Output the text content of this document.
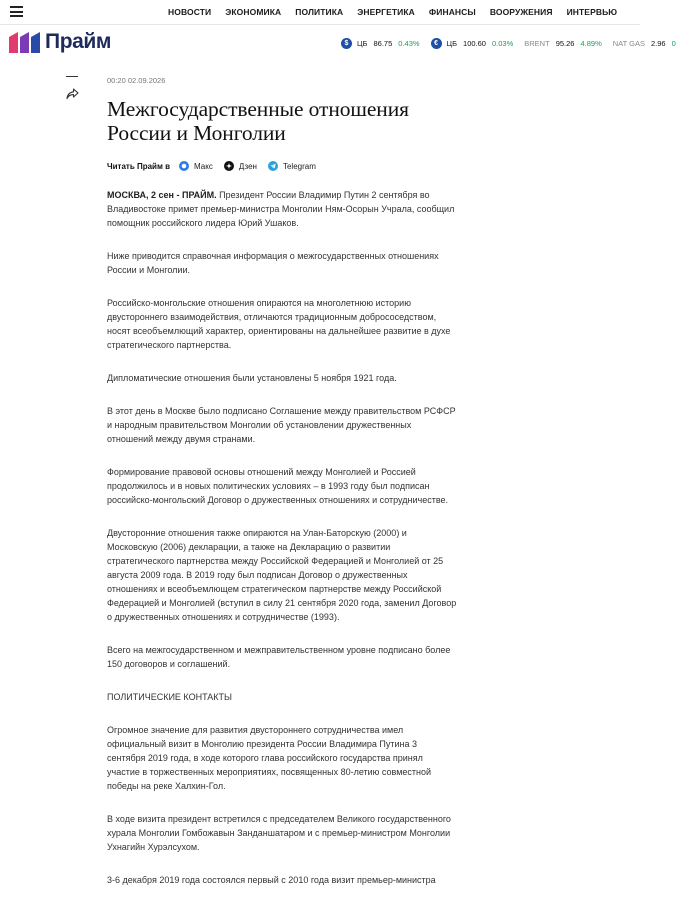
НОВОСТИ ЭКОНОМИКА ПОЛИТИКА ЭНЕРГЕТИКА ФИНАНСЫ ВООРУЖЕНИЯ ИНТЕРВЬЮ
Прайм	$	ЦБ 86.75 0.43%	€	ЦБ 100.60 0.03% BRENT 95.26 4.89% NAT GAS 2.96 0
00:20 02.09.2026
Межгосударственные отношения России и Монголии
Читать Прайм в	Макс	Дзен	Telegram

МОСКВА, 2 сен - ПРАЙМ. Президент России Владимир Путин 2 сентября во Владивостоке примет премьер-министра Монголии Ням-Осорын Учрала, сообщил помощник российского лидера Юрий Ушаков.

Ниже приводится справочная информация о межгосударственных отношениях России и Монголии.

Российско-монгольские отношения опираются на многолетнюю историю двустороннего взаимодействия, отличаются традиционным добрососедством, носят всеобъемлющий характер, ориентированы на дальнейшее развитие в духе стратегического партнерства.

Дипломатические отношения были установлены 5 ноября 1921 года.

В этот день в Москве было подписано Соглашение между правительством РСФСР и народным правительством Монголии об установлении дружественных отношений между двумя странами.

Формирование правовой основы отношений между Монголией и Россией продолжилось и в новых политических условиях – в 1993 году был подписан российско-монгольский Договор о дружественных отношениях и сотрудничестве.

Двусторонние отношения также опираются на Улан-Баторскую (2000) и Московскую (2006) декларации, а также на Декларацию о развитии стратегического партнерства между Российской Федерацией и Монголией от 25 августа 2009 года. В 2019 году был подписан Договор о дружественных отношениях и всеобъемлющем стратегическом партнерстве между Российской Федерацией и Монголией (вступил в силу 21 сентября 2020 года, заменил Договор о дружественных отношениях и сотрудничестве (1993).

Всего на межгосударственном и межправительственном уровне подписано более 150 договоров и соглашений.

ПОЛИТИЧЕСКИЕ КОНТАКТЫ

Огромное значение для развития двустороннего сотрудничества имел официальный визит в Монголию президента России Владимира Путина 3 сентября 2019 года, в ходе которого глава российского государства принял участие в торжественных мероприятиях, посвященных 80-летию совместной победы на реке Халхин-Гол.

В ходе визита президент встретился с председателем Великого государственного хурала Монголии Гомбожавын Занданшатаром и с премьер-министром Монголии Ухнагийн Хурэлсухом.

3-6 декабря 2019 года состоялся первый с 2010 года визит премьер-министра
